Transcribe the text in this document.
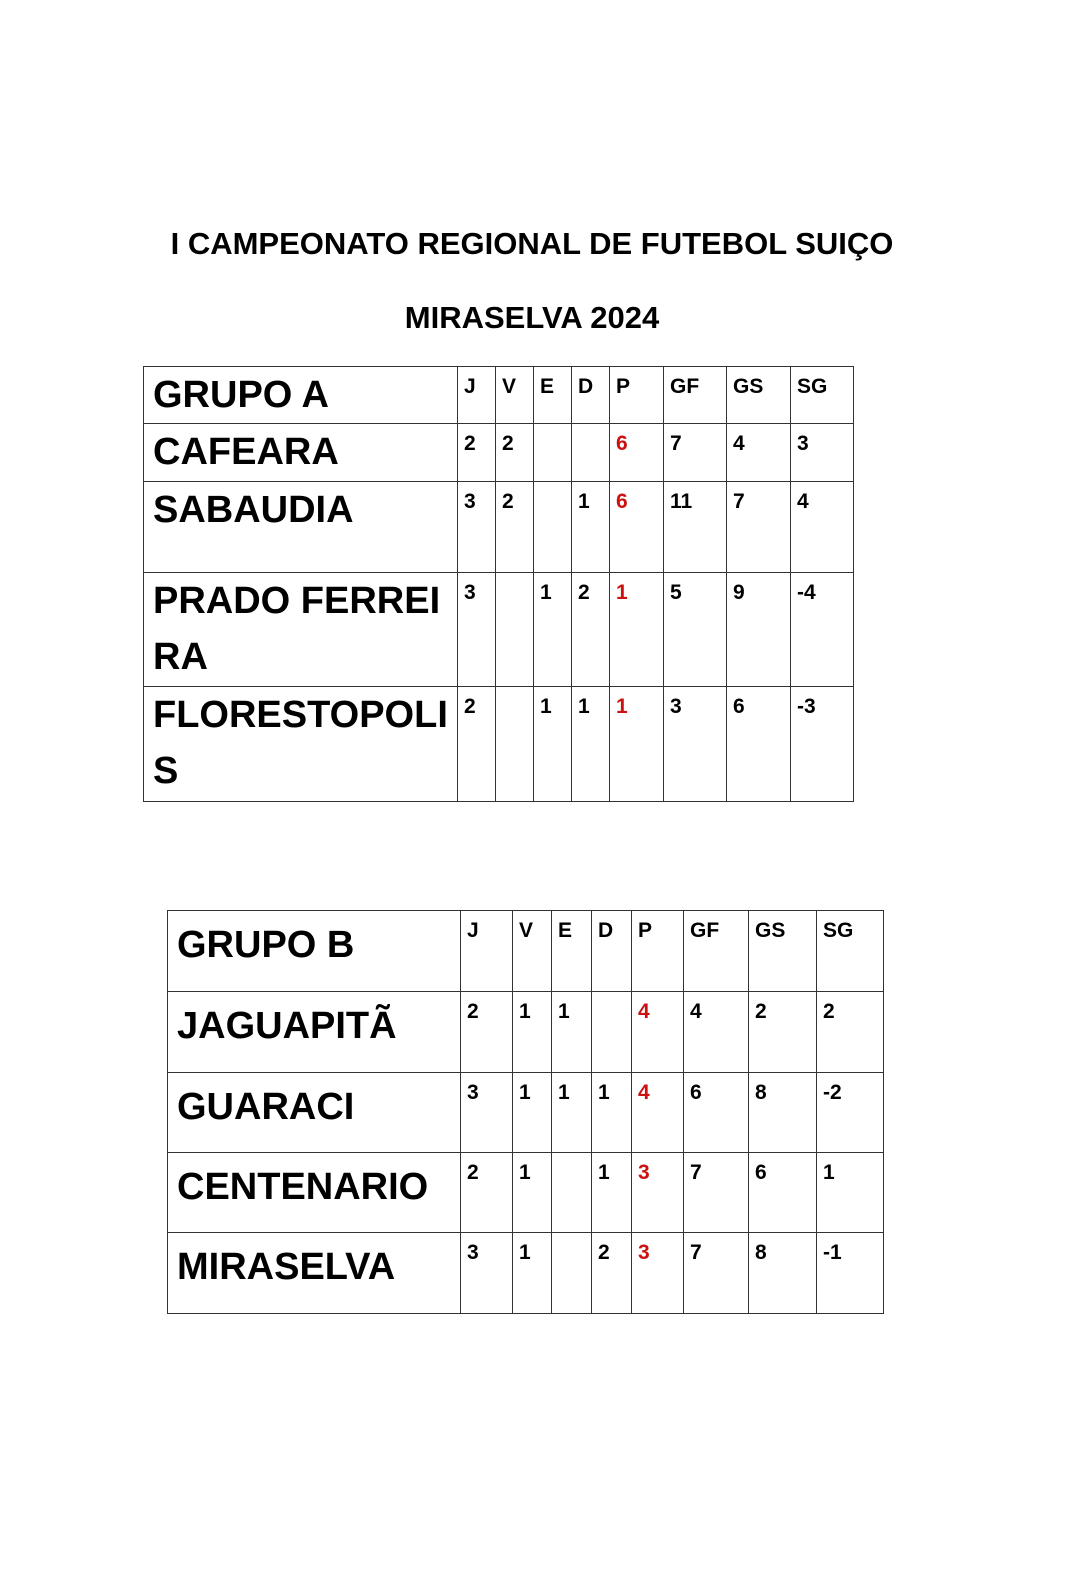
I CAMPEONATO REGIONAL DE FUTEBOL SUIÇO
MIRASELVA 2024
GRUPO A	J	V	E	D	P	GF	GS	SG
CAFEARA	2	2			6	7	4	3
SABAUDIA	3	2		1	6	11	7	4
PRADO FERREIRA	3		1	2	1	5	9	-4
FLORESTOPOLIS	2		1	1	1	3	6	-3
GRUPO B	J	V	E	D	P	GF	GS	SG
JAGUAPITÃ	2	1	1		4	4	2	2
GUARACI	3	1	1	1	4	6	8	-2
CENTENARIO	2	1		1	3	7	6	1
MIRASELVA	3	1		2	3	7	8	-1
